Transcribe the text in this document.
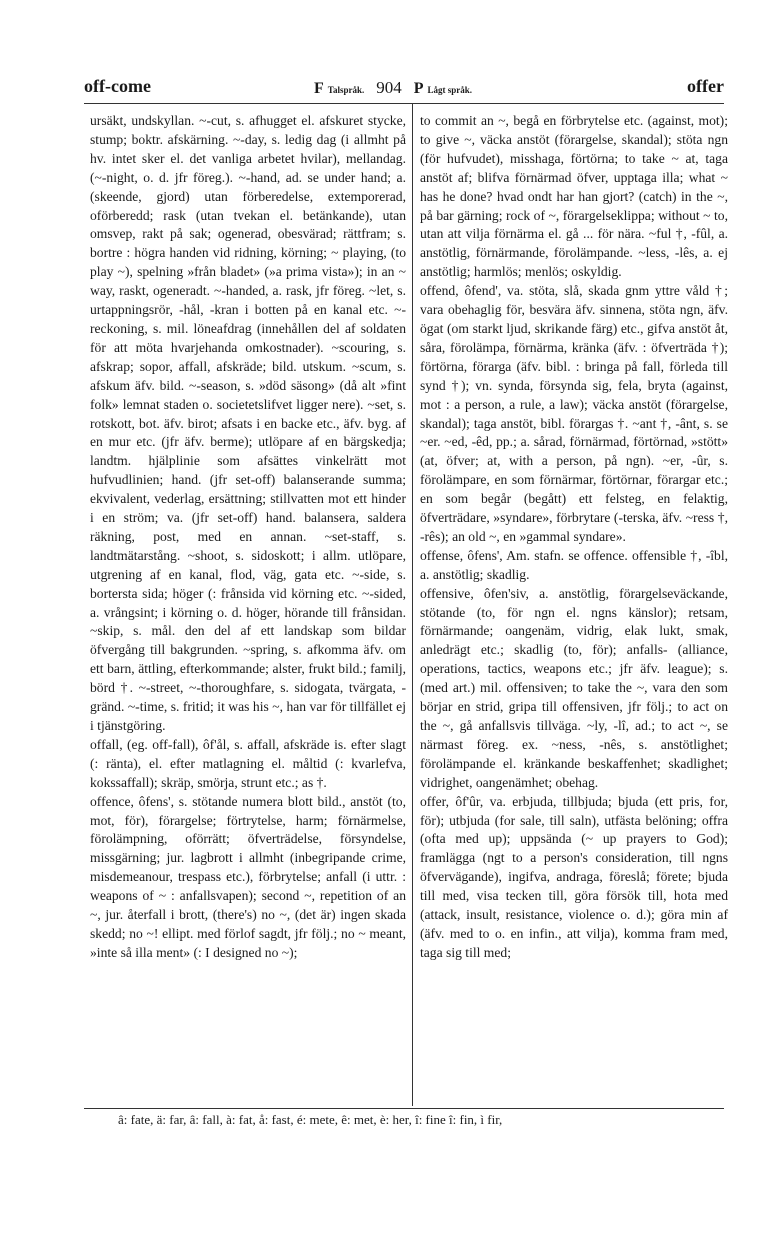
off-come	F Talspråk. 904 P Lågt språk.	offer

ursäkt, undskyllan. ~-cut, s. afhugget el. afskuret stycke, stump; boktr. afskärning. ~-day, s. ledig dag (i allmht på hv. intet sker el. det vanliga arbetet hvilar), mellandag. (~-night, o. d. jfr föreg.). ~-hand, ad. se under hand; a. (skeende, gjord) utan förberedelse, extemporerad, oförberedd; rask (utan tvekan el. betänkande), utan omsvep, rakt på sak; ogenerad, obesvärad; rättfram; s. bortre : högra handen vid ridning, körning; ~ playing, (to play ~), spelning »från bladet» (»a prima vista»); in an ~ way, raskt, ogeneradt. ~-handed, a. rask, jfr föreg. ~let, s. urtappningsrör, -hål, -kran i botten på en kanal etc. ~-reckoning, s. mil. löneafdrag (innehållen del af soldaten för att möta hvarjehanda omkostnader). ~scouring, s. afskrap; sopor, affall, afskräde; bild. utskum. ~scum, s. afskum äfv. bild. ~-season, s. »död säsong» (då alt »fint folk» lemnat staden o. societetslifvet ligger nere). ~set, s. rotskott, bot. äfv. birot; afsats i en backe etc., äfv. byg. af en mur etc. (jfr äfv. berme); utlöpare af en bärgskedja; landtm. hjälplinie som afsättes vinkelrätt mot hufvudlinien; hand. (jfr set-off) balanserande summa; ekvivalent, vederlag, ersättning; stillvatten mot ett hinder i en ström; va. (jfr set-off) hand. balansera, saldera räkning, post, med en annan. ~set-staff, s. landtmätarstång. ~shoot, s. sidoskott; i allm. utlöpare, utgrening af en kanal, flod, väg, gata etc. ~-side, s. bortersta sida; höger (: frånsida vid körning etc. ~-sided, a. vrångsint; i körning o. d. höger, hörande till frånsidan. ~skip, s. mål. den del af ett landskap som bildar öfvergång till bakgrunden. ~spring, s. afkomma äfv. om ett barn, ättling, efterkommande; alster, frukt bild.; familj, börd †. ~-street, ~-thoroughfare, s. sidogata, tvärgata, -gränd. ~-time, s. fritid; it was his ~, han var för tillfället ej i tjänstgöring.

offall, (eg. off-fall), ôf'ål, s. affall, afskräde is. efter slagt (: ränta), el. efter matlagning el. måltid (: kvarlefva, kokssaffall); skräp, smörja, strunt etc.; as †.

offence, ôfens', s. stötande numera blott bild., anstöt (to, mot, för), förargelse; förtrytelse, harm; förnärmelse, förolämpning, oförrätt; öfverträdelse, försyndelse, missgärning; jur. lagbrott i allmht (inbegripande crime, misdemeanour, trespass etc.), förbrytelse; anfall (i uttr. : weapons of ~ : anfallsvapen); second ~, repetition of an ~, jur. återfall i brott, (there's) no ~, (det är) ingen skada skedd; no ~! ellipt. med förlof sagdt, jfr följ.; no ~ meant, »inte så illa ment» (: I designed no ~);

to commit an ~, begå en förbrytelse etc. (against, mot); to give ~, väcka anstöt (förargelse, skandal); stöta ngn (för hufvudet), misshaga, förtörna; to take ~ at, taga anstöt af; blifva förnärmad öfver, upptaga illa; what ~ has he done? hvad ondt har han gjort? (catch) in the ~, på bar gärning; rock of ~, förargelseklippa; without ~ to, utan att vilja förnärma el. gå ... för nära. ~ful †, -fûl, a. anstötlig, förnärmande, förolämpande. ~less, -lês, a. ej anstötlig; harmlös; menlös; oskyldig.

offend, ôfend', va. stöta, slå, skada gnm yttre våld †; vara obehaglig för, besvära äfv. sinnena, stöta ngn, äfv. ögat (om starkt ljud, skrikande färg) etc., gifva anstöt åt, såra, förolämpa, förnärma, kränka (äfv. : öfverträda †); förtörna, förarga (äfv. bibl. : bringa på fall, förleda till synd †); vn. synda, försynda sig, fela, bryta (against, mot : a person, a rule, a law); väcka anstöt (förargelse, skandal); taga anstöt, bibl. förargas †. ~ant †, -ânt, s. se ~er. ~ed, -êd, pp.; a. sårad, förnärmad, förtörnad, »stött» (at, öfver; at, with a person, på ngn). ~er, -ûr, s. förolämpare, en som förnärmar, förtörnar, förargar etc.; en som begår (begått) ett felsteg, en felaktig, öfverträdare, »syndare», förbrytare (-terska, äfv. ~ress †, -rês); an old ~, en »gammal syndare».

offense, ôfens', Am. stafn. se offence. offensible †, -îbl, a. anstötlig; skadlig.

offensive, ôfen'siv, a. anstötlig, förargelseväckande, stötande (to, för ngn el. ngns känslor); retsam, förnärmande; oangenäm, vidrig, elak lukt, smak, anledrägt etc.; skadlig (to, för); anfalls- (alliance, operations, tactics, weapons etc.; jfr äfv. league); s. (med art.) mil. offensiven; to take the ~, vara den som börjar en strid, gripa till offensiven, jfr följ.; to act on the ~, gå anfallsvis tillväga. ~ly, -lî, ad.; to act ~, se närmast föreg. ex. ~ness, -nês, s. anstötlighet; förolämpande el. kränkande beskaffenhet; skadlighet; vidrighet, oangenämhet; obehag.

offer, ôf'ûr, va. erbjuda, tillbjuda; bjuda (ett pris, for, för); utbjuda (for sale, till saln), utfästa belöning; offra (ofta med up); uppsända (~ up prayers to God); framlägga (ngt to a person's consideration, till ngns öfvervägande), ingifva, andraga, föreslå; förete; bjuda till med, visa tecken till, göra försök till, hota med (attack, insult, resistance, violence o. d.); göra min af (äfv. med to o. en infin., att vilja), komma fram med, taga sig till med;

â: fate, ä: far, â: fall, à: fat, å: fast, é: mete, ê: met, è: her, î: fine î: fin, ì fir,
